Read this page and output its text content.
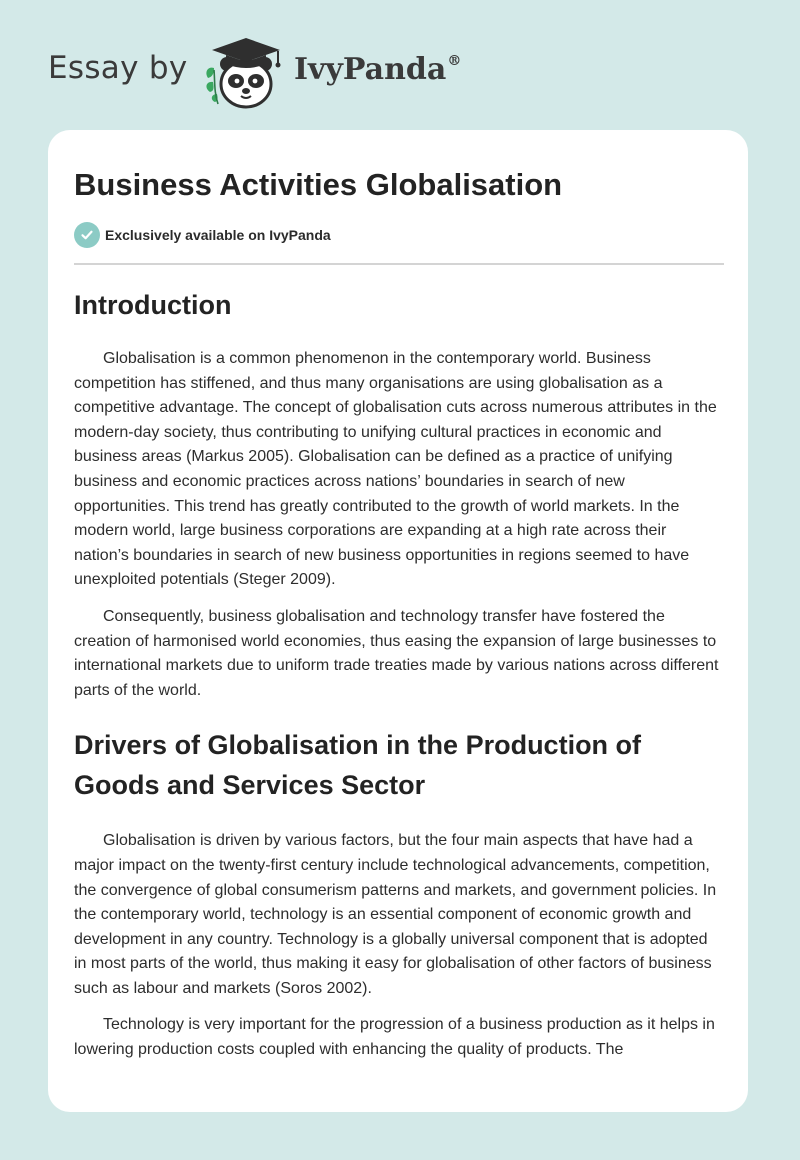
Essay by	IvyPanda®
Business Activities Globalisation
Exclusively available on IvyPanda
Introduction

Globalisation is a common phenomenon in the contemporary world. Business competition has stiffened, and thus many organisations are using globalisation as a competitive advantage. The concept of globalisation cuts across numerous attributes in the modern-day society, thus contributing to unifying cultural practices in economic and business areas (Markus 2005). Globalisation can be defined as a practice of unifying business and economic practices across nations’ boundaries in search of new opportunities. This trend has greatly contributed to the growth of world markets. In the modern world, large business corporations are expanding at a high rate across their nation’s boundaries in search of new business opportunities in regions seemed to have unexploited potentials (Steger 2009).

Consequently, business globalisation and technology transfer have fostered the creation of harmonised world economies, thus easing the expansion of large businesses to international markets due to uniform trade treaties made by various nations across different parts of the world.

Drivers of Globalisation in the Production of Goods and Services Sector

Globalisation is driven by various factors, but the four main aspects that have had a major impact on the twenty-first century include technological advancements, competition, the convergence of global consumerism patterns and markets, and government policies. In the contemporary world, technology is an essential component of economic growth and development in any country. Technology is a globally universal component that is adopted in most parts of the world, thus making it easy for globalisation of other factors of business such as labour and markets (Soros 2002).

Technology is very important for the progression of a business production as it helps in lowering production costs coupled with enhancing the quality of products. The
